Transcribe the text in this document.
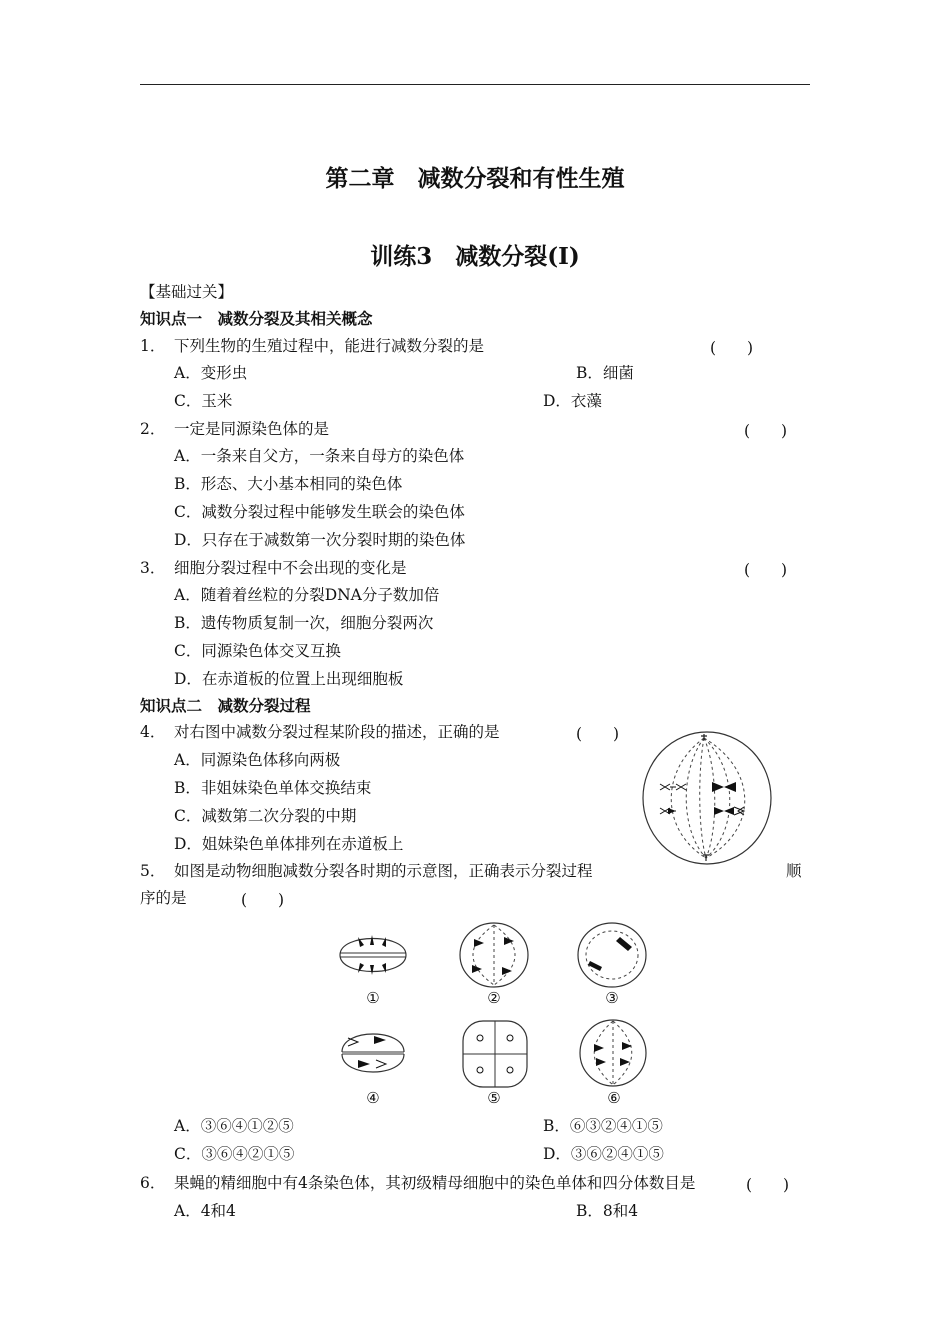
第二章　减数分裂和有性生殖
训练3　减数分裂(Ⅰ)
【基础过关】
知识点一　减数分裂及其相关概念
1． 下列生物的生殖过程中，能进行减数分裂的是	(　　)
A．变形虫	B．细菌
C．玉米	D．衣藻
2． 一定是同源染色体的是	(　　)
A．一条来自父方，一条来自母方的染色体
B．形态、大小基本相同的染色体
C．减数分裂过程中能够发生联会的染色体
D．只存在于减数第一次分裂时期的染色体
3． 细胞分裂过程中不会出现的变化是	(　　)
A．随着着丝粒的分裂DNA分子数加倍
B．遗传物质复制一次，细胞分裂两次
C．同源染色体交叉互换
D．在赤道板的位置上出现细胞板
知识点二　减数分裂过程
4． 对右图中减数分裂过程某阶段的描述，正确的是	(　　)
A．同源染色体移向两极
B．非姐妹染色单体交换结束
C．减数第二次分裂的中期
D．姐妹染色单体排列在赤道板上
5． 如图是动物细胞减数分裂各时期的示意图，正确表示分裂过程	顺
序的是	(　　)
①	②	③
④	⑤	⑥
A．③⑥④①②⑤	B．⑥③②④①⑤
C．③⑥④②①⑤	D．③⑥②④①⑤
6． 果蝇的精细胞中有4条染色体，其初级精母细胞中的染色单体和四分体数目是	(　　)
A．4和4	B．8和4
